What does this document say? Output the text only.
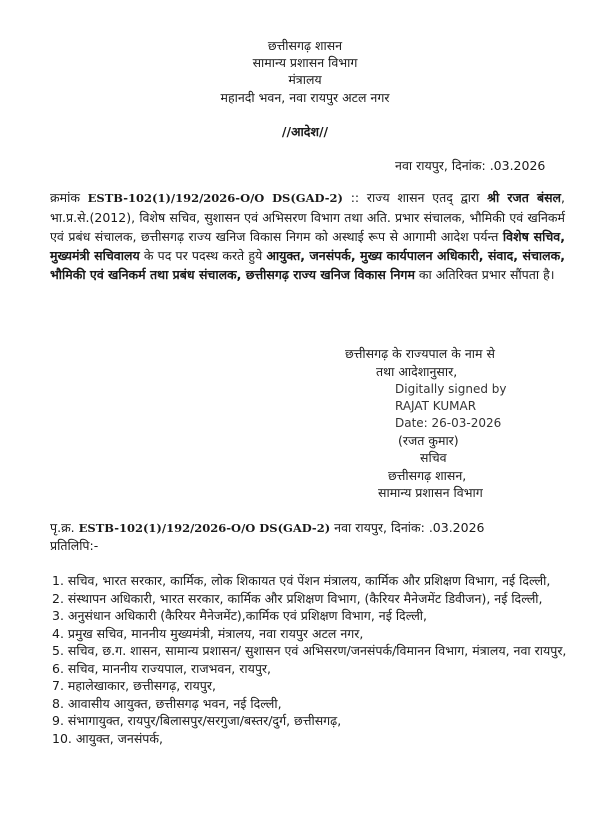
छत्तीसगढ़ शासन
सामान्य प्रशासन विभाग
मंत्रालय
महानदी भवन, नवा रायपुर अटल नगर
//आदेश//
नवा रायपुर, दिनांक: .03.2026
क्रमांक ESTB-102(1)/192/2026-O/O DS(GAD-2) :: राज्य शासन एतद् द्वारा श्री रजत बंसल, भा.प्र.से.(2012), विशेष सचिव, सुशासन एवं अभिसरण विभाग तथा अति. प्रभार संचालक, भौमिकी एवं खनिकर्म एवं प्रबंध संचालक, छत्तीसगढ़ राज्य खनिज विकास निगम को अस्थाई रूप से आगामी आदेश पर्यन्त विशेष सचिव, मुख्यमंत्री सचिवालय के पद पर पदस्थ करते हुये आयुक्त, जनसंपर्क, मुख्य कार्यपालन अधिकारी, संवाद, संचालक, भौमिकी एवं खनिकर्म तथा प्रबंध संचालक, छत्तीसगढ़ राज्य खनिज विकास निगम का अतिरिक्त प्रभार सौंपता है।
छत्तीसगढ़ के राज्यपाल के नाम से
तथा आदेशानुसार,
Digitally signed by
RAJAT KUMAR
Date: 26-03-2026
(रजत कुमार)
सचिव
छत्तीसगढ़ शासन,
सामान्य प्रशासन विभाग
पृ.क्र. ESTB-102(1)/192/2026-O/O DS(GAD-2) नवा रायपुर, दिनांक: .03.2026
प्रतिलिपि:-

1. सचिव, भारत सरकार, कार्मिक, लोक शिकायत एवं पेंशन मंत्रालय, कार्मिक और प्रशिक्षण विभाग, नई दिल्ली,

2. संस्थापन अधिकारी, भारत सरकार, कार्मिक और प्रशिक्षण विभाग, (कैरियर मैनेजमेंट डिवीजन), नई दिल्ली,

3. अनुसंधान अधिकारी (कैरियर मैनेजमेंट),कार्मिक एवं प्रशिक्षण विभाग, नई दिल्ली,

4. प्रमुख सचिव, माननीय मुख्यमंत्री, मंत्रालय, नवा रायपुर अटल नगर,

5. सचिव, छ.ग. शासन, सामान्य प्रशासन/ सुशासन एवं अभिसरण/जनसंपर्क/विमानन विभाग, मंत्रालय, नवा रायपुर,

6. सचिव, माननीय राज्यपाल, राजभवन, रायपुर,

7. महालेखाकार, छत्तीसगढ़, रायपुर,

8. आवासीय आयुक्त, छत्तीसगढ़ भवन, नई दिल्ली,

9. संभागायुक्त, रायपुर/बिलासपुर/सरगुजा/बस्तर/दुर्ग, छत्तीसगढ़,

10. आयुक्त, जनसंपर्क,
